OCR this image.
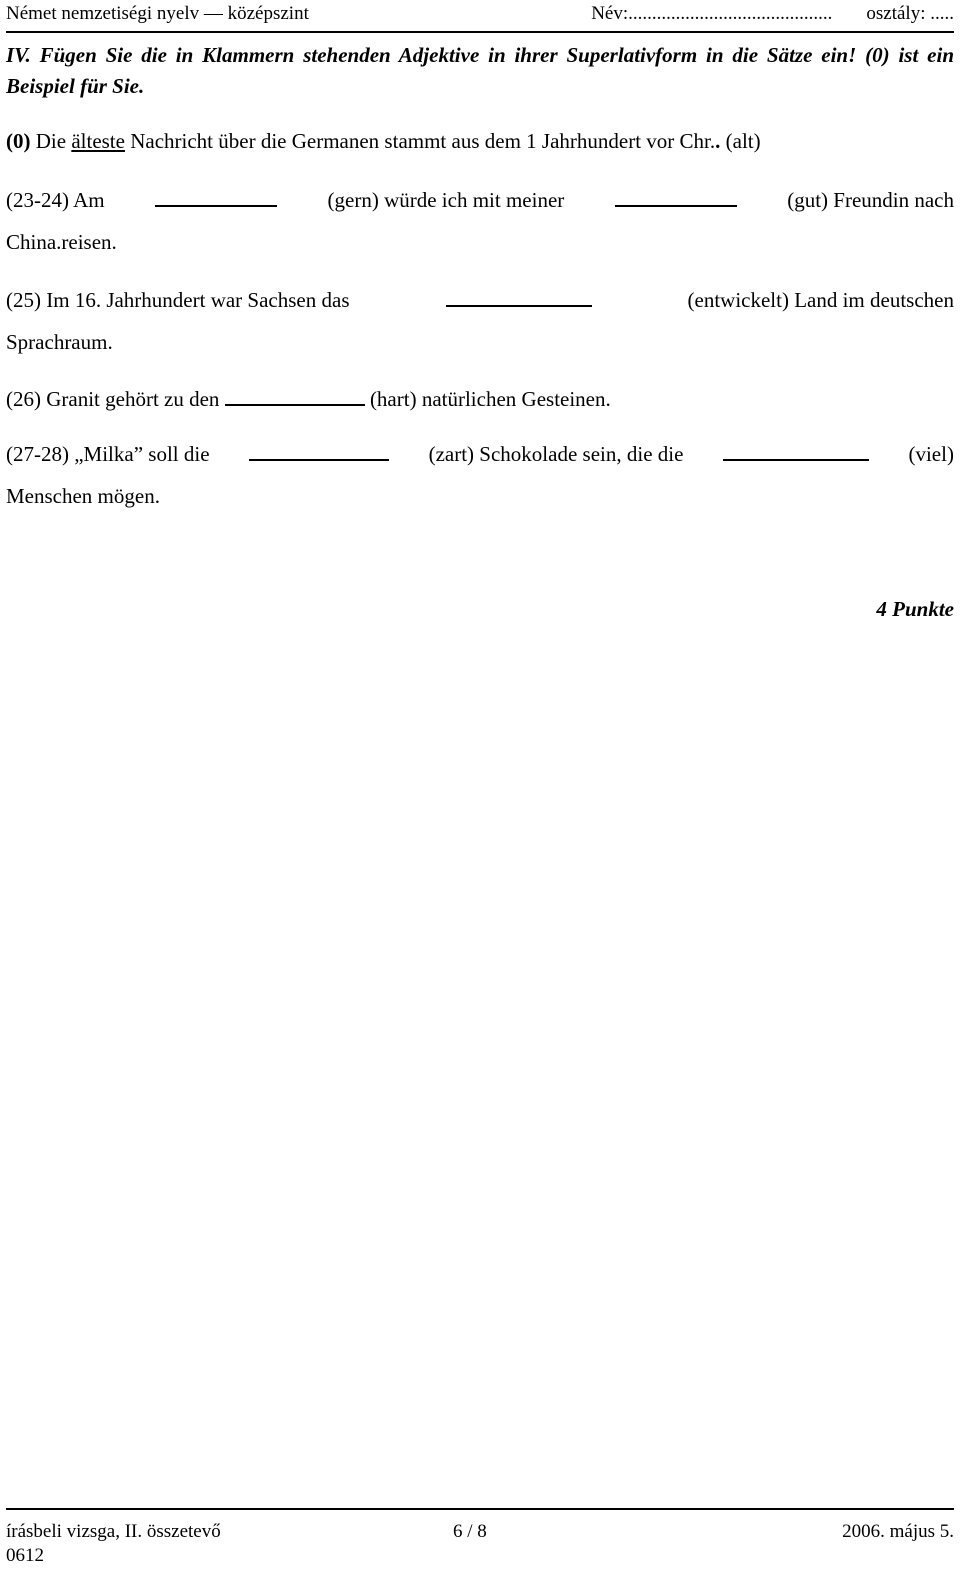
Német nemzetiségi nyelv — középszint	Név:........................................... osztály: .....
IV. Fügen Sie die in Klammern stehenden Adjektive in ihrer Superlativform in die Sätze ein! (0) ist ein Beispiel für Sie.
(0) Die älteste Nachricht über die Germanen stammt aus dem 1 Jahrhundert vor Chr.. (alt)
(23-24) Am	(gern) würde ich mit meiner	(gut) Freundin nach
China.reisen.
(25) Im 16. Jahrhundert war Sachsen das	(entwickelt) Land im deutschen
Sprachraum.
(26) Granit gehört zu den	(hart) natürlichen Gesteinen.
(27-28) „Milka” soll die	(zart) Schokolade sein, die die	(viel)
Menschen mögen.
4 Punkte
írásbeli vizsga, II. összetevő	6 / 8	2006. május 5.
0612
